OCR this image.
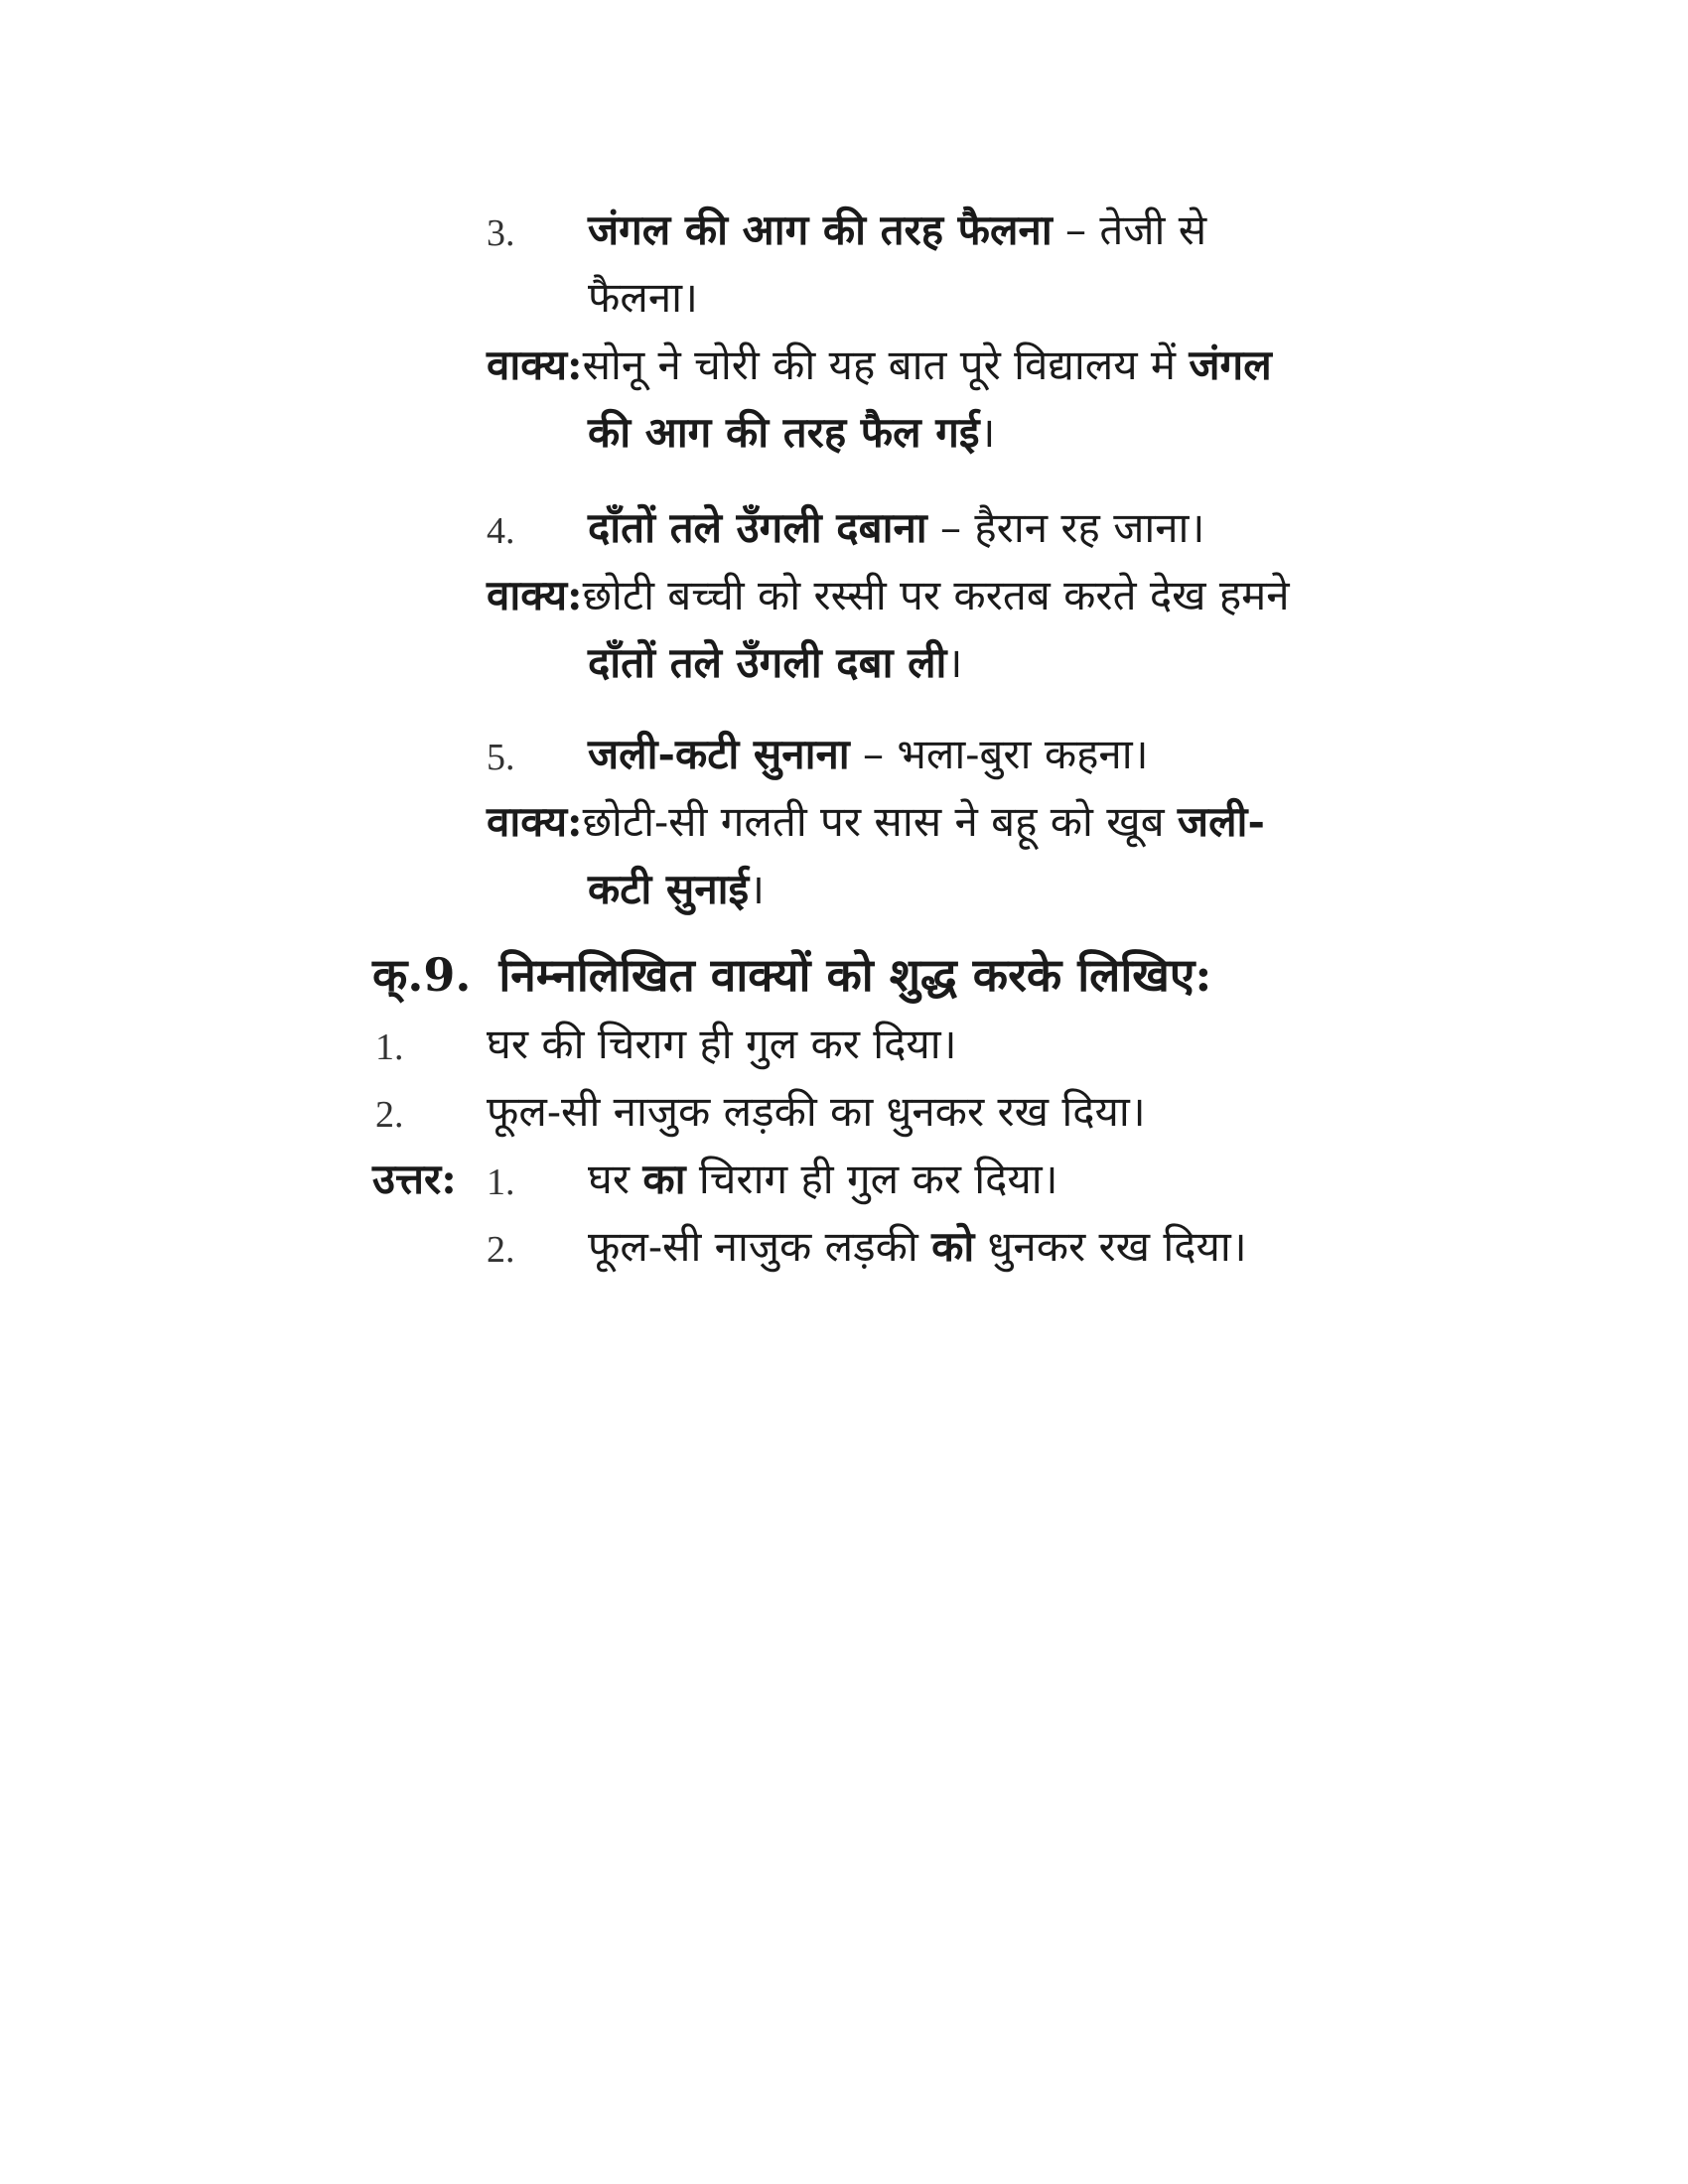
3. जंगल की आग की तरह फैलना – तेजी से
फैलना।
वाक्य:सोनू ने चोरी की यह बात पूरे विद्यालय में जंगल
की आग की तरह फैल गई।
4. दाँतों तले उँगली दबाना – हैरान रह जाना।
वाक्य:छोटी बच्ची को रस्सी पर करतब करते देख हमने
दाँतों तले उँगली दबा ली।
5. जली-कटी सुनाना – भला-बुरा कहना।
वाक्य:छोटी-सी गलती पर सास ने बहू को खूब जली-
कटी सुनाई।
क्.9. निम्नलिखित वाक्यों को शुद्ध करके लिखिए:
1. घर की चिराग ही गुल कर दिया।
2. फूल-सी नाजुक लड़की का धुनकर रख दिया।
उत्तर: 1. घर का चिराग ही गुल कर दिया।
2. फूल-सी नाजुक लड़की को धुनकर रख दिया।
